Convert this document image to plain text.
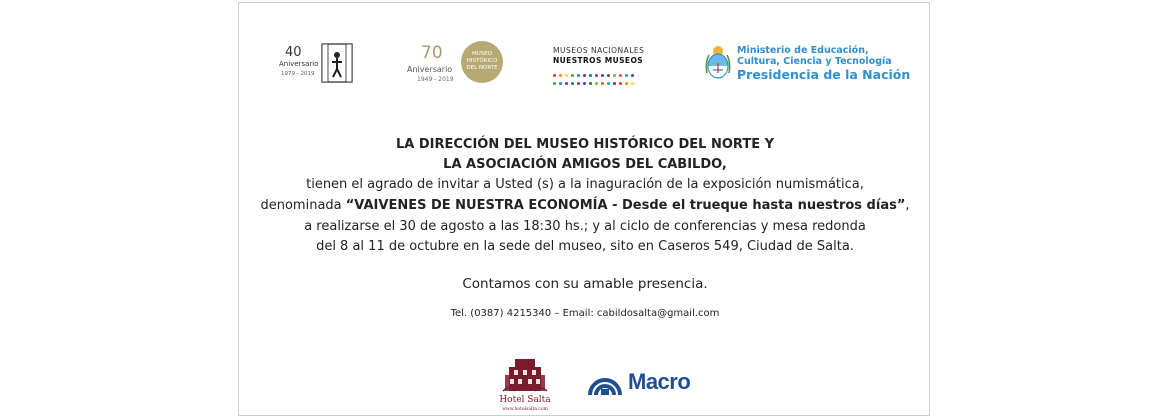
40
Aniversario
1979 - 2019
70
Aniversario
1949 - 2019
MUSEO
HISTÓRICO
DEL NORTE
MUSEOS NACIONALES
NUESTROS MUSEOS
Ministerio de Educación,
Cultura, Ciencia y Tecnología
Presidencia de la Nación
LA DIRECCIÓN DEL MUSEO HISTÓRICO DEL NORTE Y
LA ASOCIACIÓN AMIGOS DEL CABILDO,
tienen el agrado de invitar a Usted (s) a la inaguración de la exposición numismática,
denominada “VAIVENES DE NUESTRA ECONOMÍA - Desde el trueque hasta nuestros días”,
a realizarse el 30 de agosto a las 18:30 hs.; y al ciclo de conferencias y mesa redonda
del 8 al 11 de octubre en la sede del museo, sito en Caseros 549, Ciudad de Salta.
Contamos con su amable presencia.
Tel. (0387) 4215340 – Email: cabildosalta@gmail.com
Hotel Salta
www.hotelsalta.com
Macro
